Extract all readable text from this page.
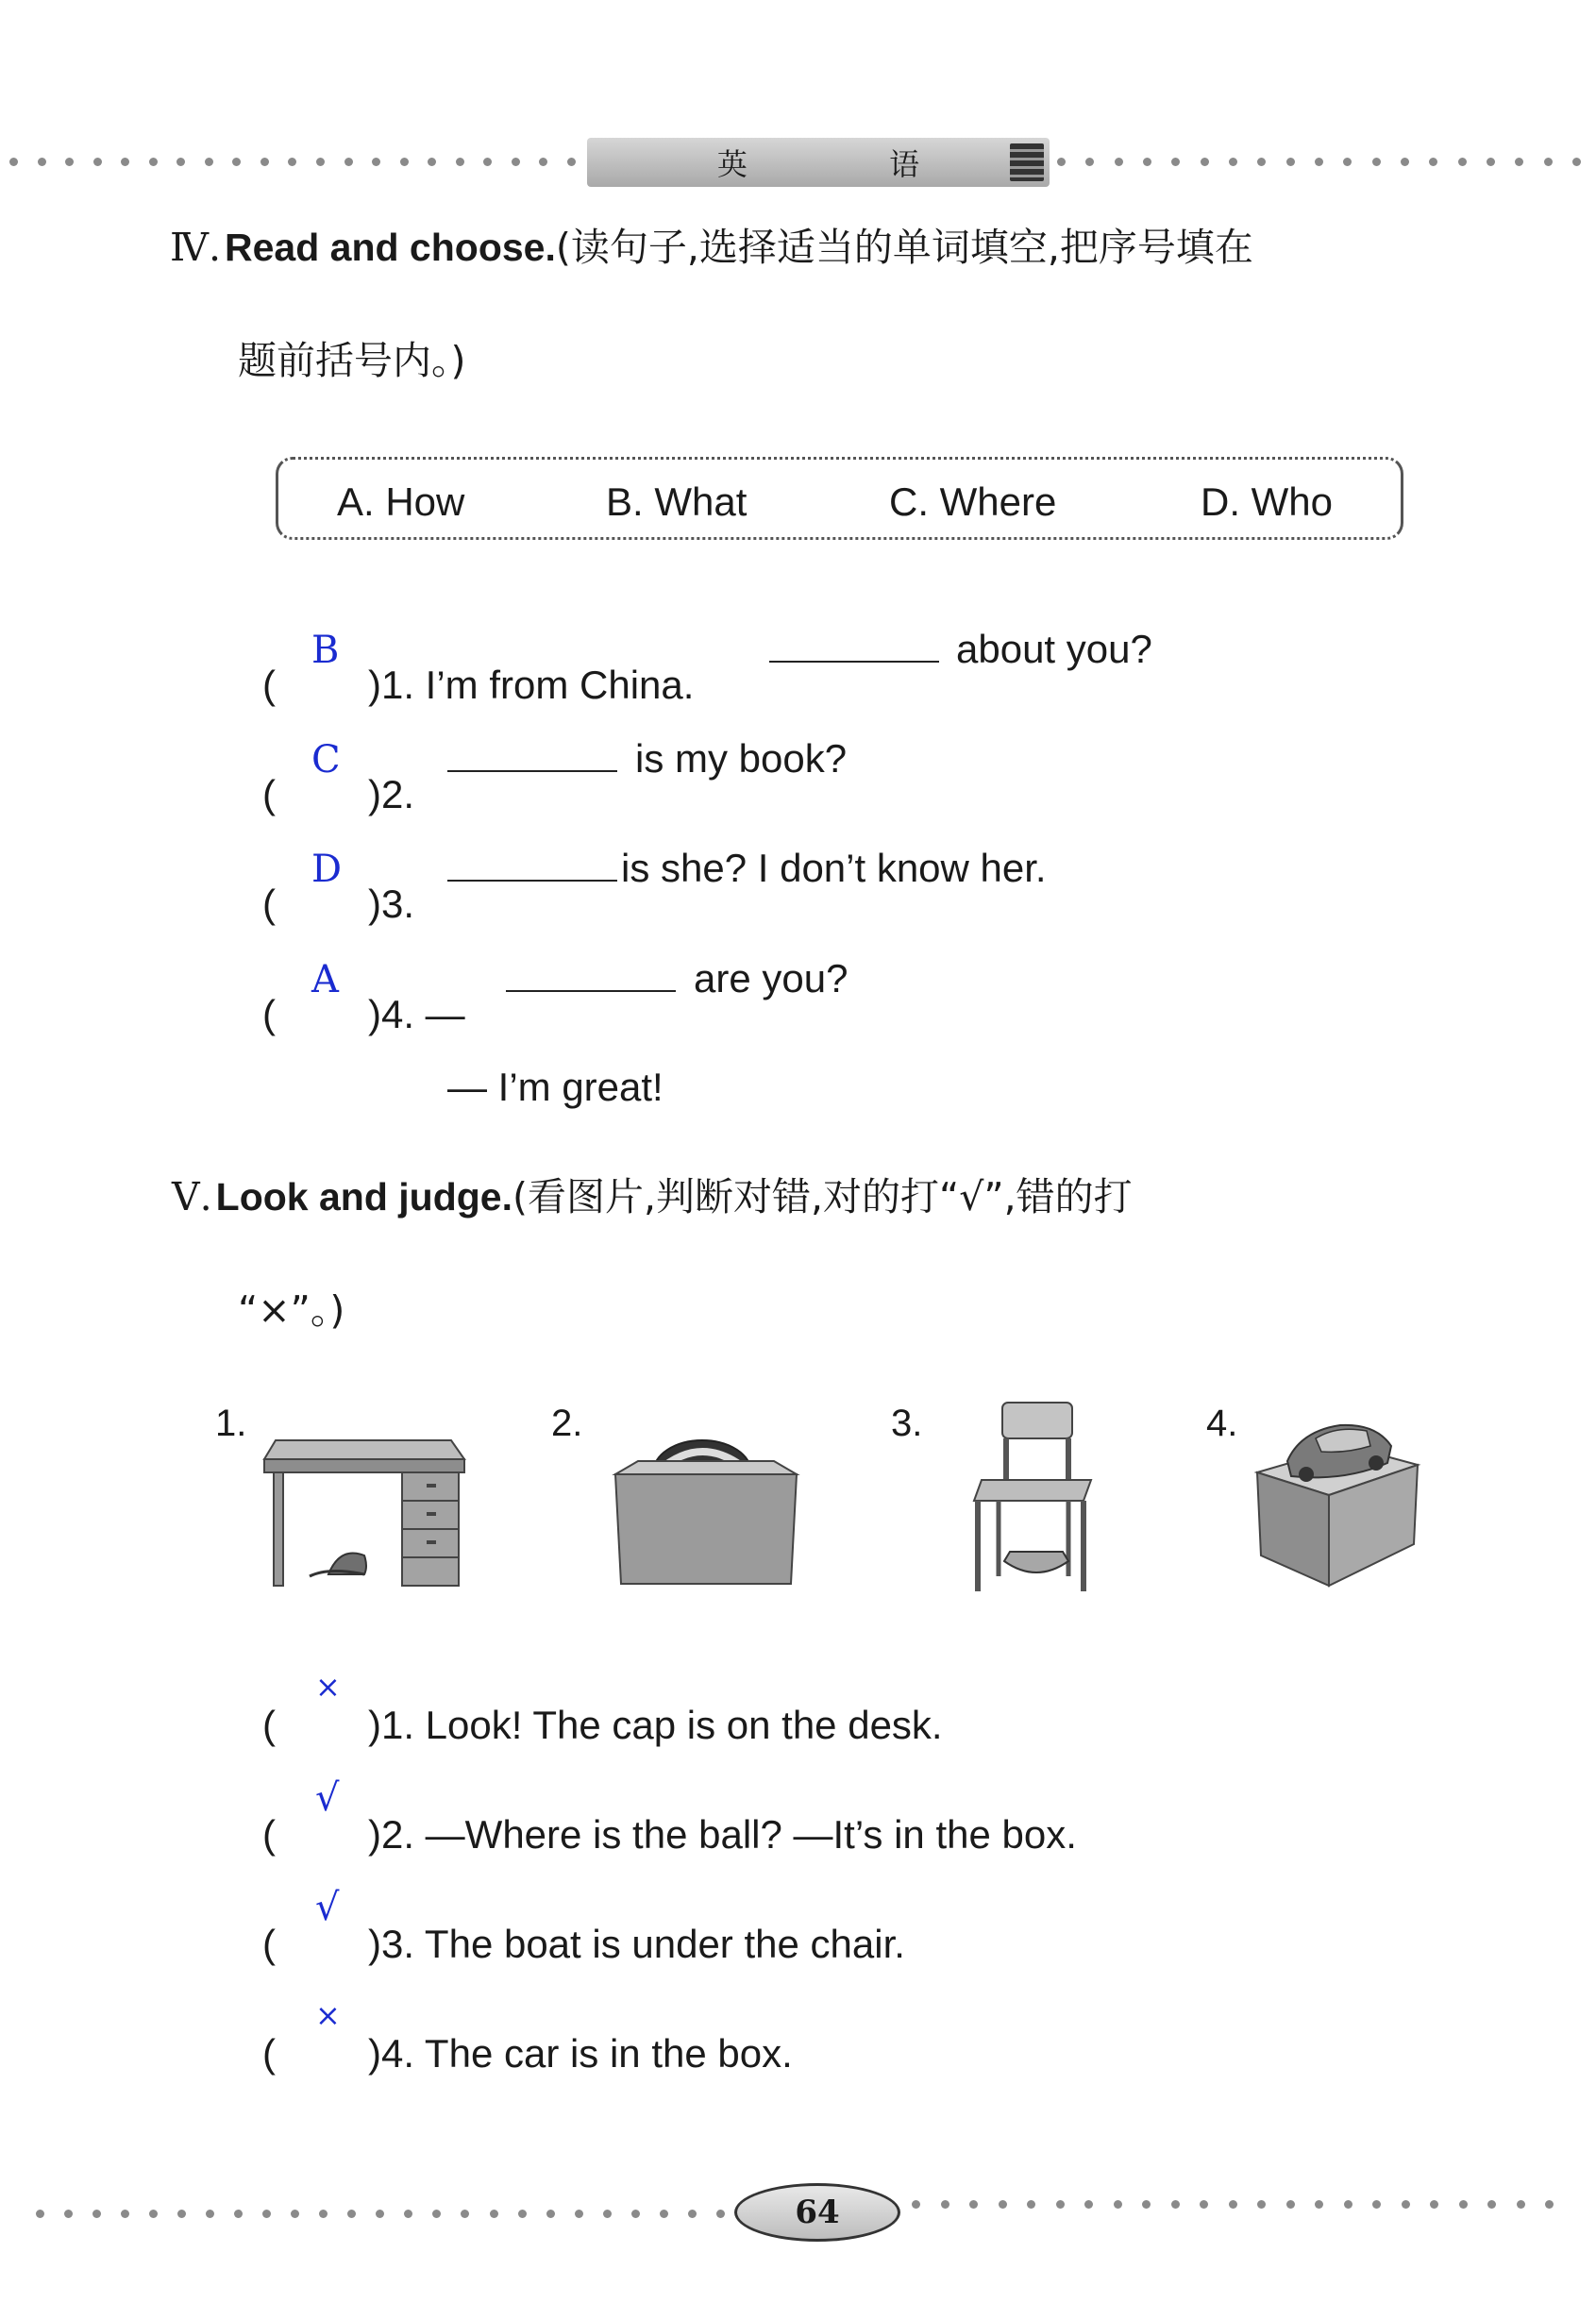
英 语
Ⅳ.Read and choose.(读句子,选择适当的单词填空,把序号填在
题前括号内。)
A. How	B. What	C. Where	D. Who
( )1. I’m from China.
B	about you?
( )2.
C	is my book?
( )3.
D	is she? I don’t know her.
( )4. —
A	are you?
— I’m great!
Ⅴ.Look and judge.(看图片,判断对错,对的打“√”,错的打
“×”。)
1.	2.	3.	4.
( )1. Look! The cap is on the desk.
×
( )2. —Where is the ball? —It’s in the box.
√
( )3. The boat is under the chair.
√
( )4. The car is in the box.
×
64
